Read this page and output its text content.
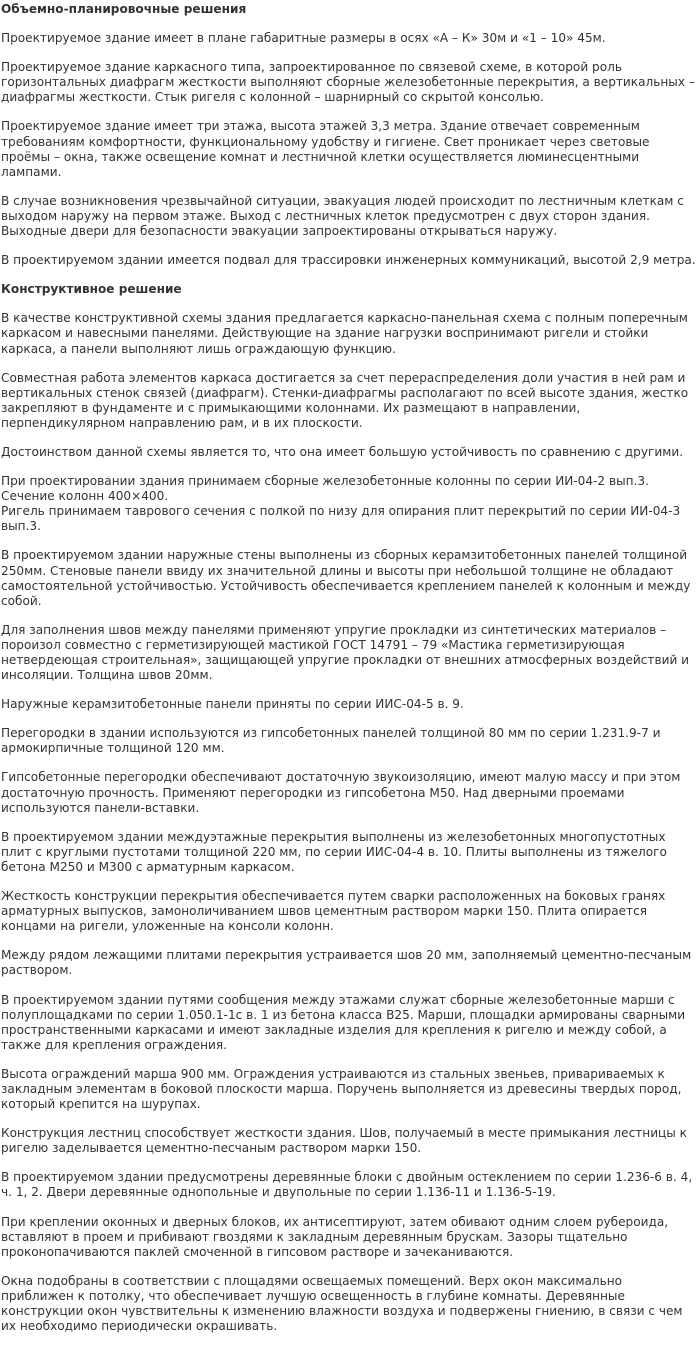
Объемно-планировочные решения

Проектируемое здание имеет в плане габаритные размеры в осях «А – К» 30м и «1 – 10» 45м.

Проектируемое здание каркасного типа, запроектированное по связевой схеме, в которой роль горизонтальных диафрагм жесткости выполняют сборные железобетонные перекрытия, а вертикальных – диафрагмы жесткости. Стык ригеля с колонной – шарнирный со скрытой консолью.

Проектируемое здание имеет три этажа, высота этажей 3,3 метра. Здание отвечает современным требованиям комфортности, функциональному удобству и гигиене. Свет проникает через световые проёмы – окна, также освещение комнат и лестничной клетки осуществляется люминесцентными лампами.

В случае возникновения чрезвычайной ситуации, эвакуация людей происходит по лестничным клеткам с выходом наружу на первом этаже. Выход с лестничных клеток предусмотрен с двух сторон здания. Выходные двери для безопасности эвакуации запроектированы открываться наружу.

В проектируемом здании имеется подвал для трассировки инженерных коммуникаций, высотой 2,9 метра.

Конструктивное решение

В качестве конструктивной схемы здания предлагается каркасно-панельная схема с полным поперечным каркасом и навесными панелями. Действующие на здание нагрузки воспринимают ригели и стойки каркаса, а панели выполняют лишь ограждающую функцию.

Совместная работа элементов каркаса достигается за счет перераспределения доли участия в ней рам и вертикальных стенок связей (диафрагм). Стенки-диафрагмы располагают по всей высоте здания, жестко закрепляют в фундаменте и с примыкающими колоннами. Их размещают в направлении, перпендикулярном направлению рам, и в их плоскости.

Достоинством данной схемы является то, что она имеет большую устойчивость по сравнению с другими.

При проектировании здания принимаем сборные железобетонные колонны по серии ИИ-04-2 вып.3. Сечение колонн 400×400.
Ригель принимаем таврового сечения с полкой по низу для опирания плит перекрытий по серии ИИ-04-3 вып.3.

В проектируемом здании наружные стены выполнены из сборных керамзитобетонных панелей толщиной 250мм. Стеновые панели ввиду их значительной длины и высоты при небольшой толщине не обладают самостоятельной устойчивостью. Устойчивость обеспечивается креплением панелей к колонным и между собой.

Для заполнения швов между панелями применяют упругие прокладки из синтетических материалов – пороизол совместно с герметизирующей мастикой ГОСТ 14791 – 79 «Мастика герметизирующая нетвердеющая строительная», защищающей упругие прокладки от внешних атмосферных воздействий и инсоляции. Толщина швов 20мм.

Наружные керамзитобетонные панели приняты по серии ИИС-04-5 в. 9.

Перегородки в здании используются из гипсобетонных панелей толщиной 80 мм по серии 1.231.9-7 и армокирпичные толщиной 120 мм.

Гипсобетонные перегородки обеспечивают достаточную звукоизоляцию, имеют малую массу и при этом достаточную прочность. Применяют перегородки из гипсобетона М50. Над дверными проемами используются панели-вставки.

В проектируемом здании междуэтажные перекрытия выполнены из железобетонных многопустотных плит с круглыми пустотами толщиной 220 мм, по серии ИИС-04-4 в. 10. Плиты выполнены из тяжелого бетона М250 и М300 с арматурным каркасом.

Жесткость конструкции перекрытия обеспечивается путем сварки расположенных на боковых гранях арматурных выпусков, замоноличиванием швов цементным раствором марки 150. Плита опирается концами на ригели, уложенные на консоли колонн.

Между рядом лежащими плитами перекрытия устраивается шов 20 мм, заполняемый цементно-песчаным раствором.

В проектируемом здании путями сообщения между этажами служат сборные железобетонные марши с полуплощадками по серии 1.050.1-1с в. 1 из бетона класса В25. Марши, площадки армированы сварными пространственными каркасами и имеют закладные изделия для крепления к ригелю и между собой, а также для крепления ограждения.

Высота ограждений марша 900 мм. Ограждения устраиваются из стальных звеньев, привариваемых к закладным элементам в боковой плоскости марша. Поручень выполняется из древесины твердых пород, который крепится на шурупах.

Конструкция лестниц способствует жесткости здания. Шов, получаемый в месте примыкания лестницы к ригелю заделывается цементно-песчаным раствором марки 150.

В проектируемом здании предусмотрены деревянные блоки с двойным остеклением по серии 1.236-6 в. 4, ч. 1, 2. Двери деревянные однопольные и двупольные по серии 1.136-11 и 1.136-5-19.

При креплении оконных и дверных блоков, их антисептируют, затем обивают одним слоем рубероида, вставляют в проем и прибивают гвоздями к закладным деревянным брускам. Зазоры тщательно проконопачиваются паклей смоченной в гипсовом растворе и зачеканиваются.

Окна подобраны в соответствии с площадями освещаемых помещений. Верх окон максимально приближен к потолку, что обеспечивает лучшую освещенность в глубине комнаты. Деревянные конструкции окон чувствительны к изменению влажности воздуха и подвержены гниению, в связи с чем их необходимо периодически окрашивать.
